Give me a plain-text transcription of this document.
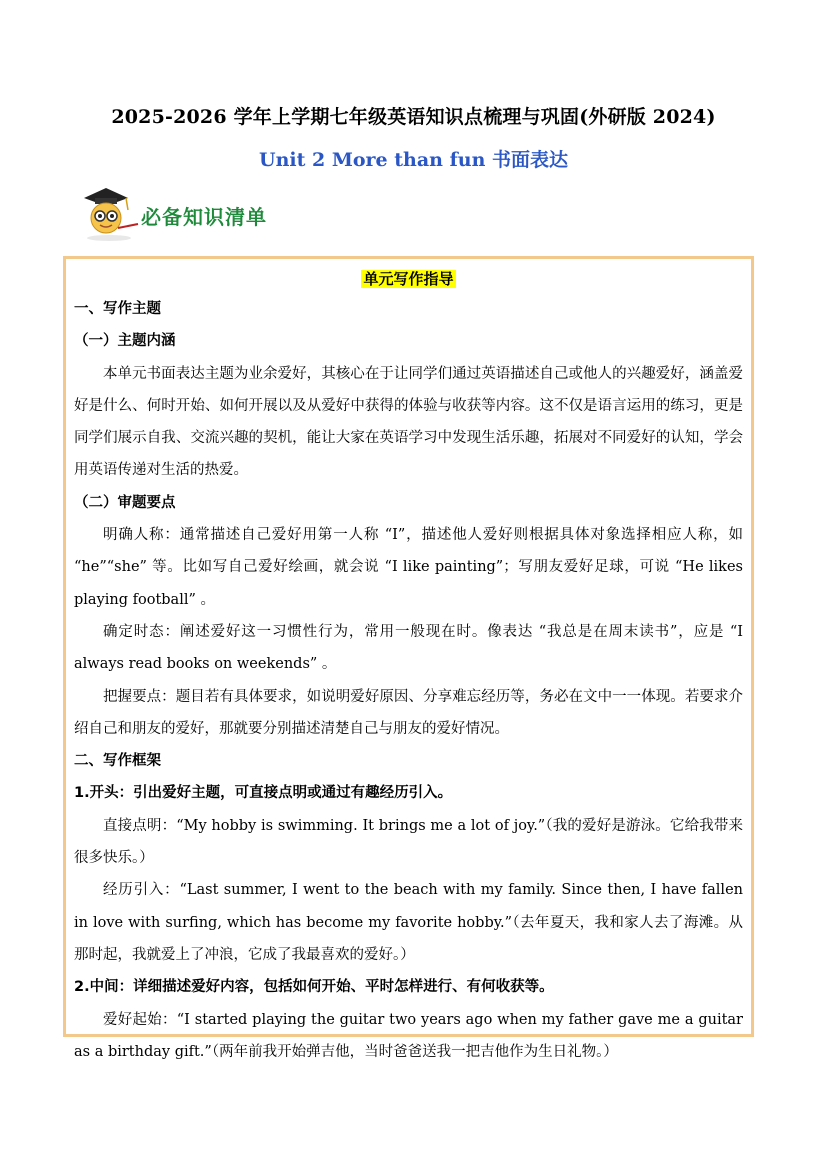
2025-2026 学年上学期七年级英语知识点梳理与巩固(外研版 2024)
Unit 2 More than fun 书面表达
必备知识清单
单元写作指导
一、写作主题
（一）主题内涵
本单元书面表达主题为业余爱好，其核心在于让同学们通过英语描述自己或他人的兴趣爱好，涵盖爱好是什么、何时开始、如何开展以及从爱好中获得的体验与收获等内容。这不仅是语言运用的练习，更是同学们展示自我、交流兴趣的契机，能让大家在英语学习中发现生活乐趣，拓展对不同爱好的认知，学会用英语传递对生活的热爱。
（二）审题要点
明确人称：通常描述自己爱好用第一人称 “I”，描述他人爱好则根据具体对象选择相应人称，如 “he”“she” 等。比如写自己爱好绘画，就会说 “I like painting”；写朋友爱好足球，可说 “He likes playing football” 。
确定时态：阐述爱好这一习惯性行为，常用一般现在时。像表达 “我总是在周末读书”，应是 “I always read books on weekends” 。
把握要点：题目若有具体要求，如说明爱好原因、分享难忘经历等，务必在文中一一体现。若要求介绍自己和朋友的爱好，那就要分别描述清楚自己与朋友的爱好情况。
二、写作框架
1.开头：引出爱好主题，可直接点明或通过有趣经历引入。
直接点明：“My hobby is swimming. It brings me a lot of joy.”（我的爱好是游泳。它给我带来很多快乐。）
经历引入：“Last summer, I went to the beach with my family. Since then, I have fallen in love with surfing, which has become my favorite hobby.”（去年夏天，我和家人去了海滩。从那时起，我就爱上了冲浪，它成了我最喜欢的爱好。）
2.中间：详细描述爱好内容，包括如何开始、平时怎样进行、有何收获等。
爱好起始：“I started playing the guitar two years ago when my father gave me a guitar as a birthday gift.”（两年前我开始弹吉他，当时爸爸送我一把吉他作为生日礼物。）
